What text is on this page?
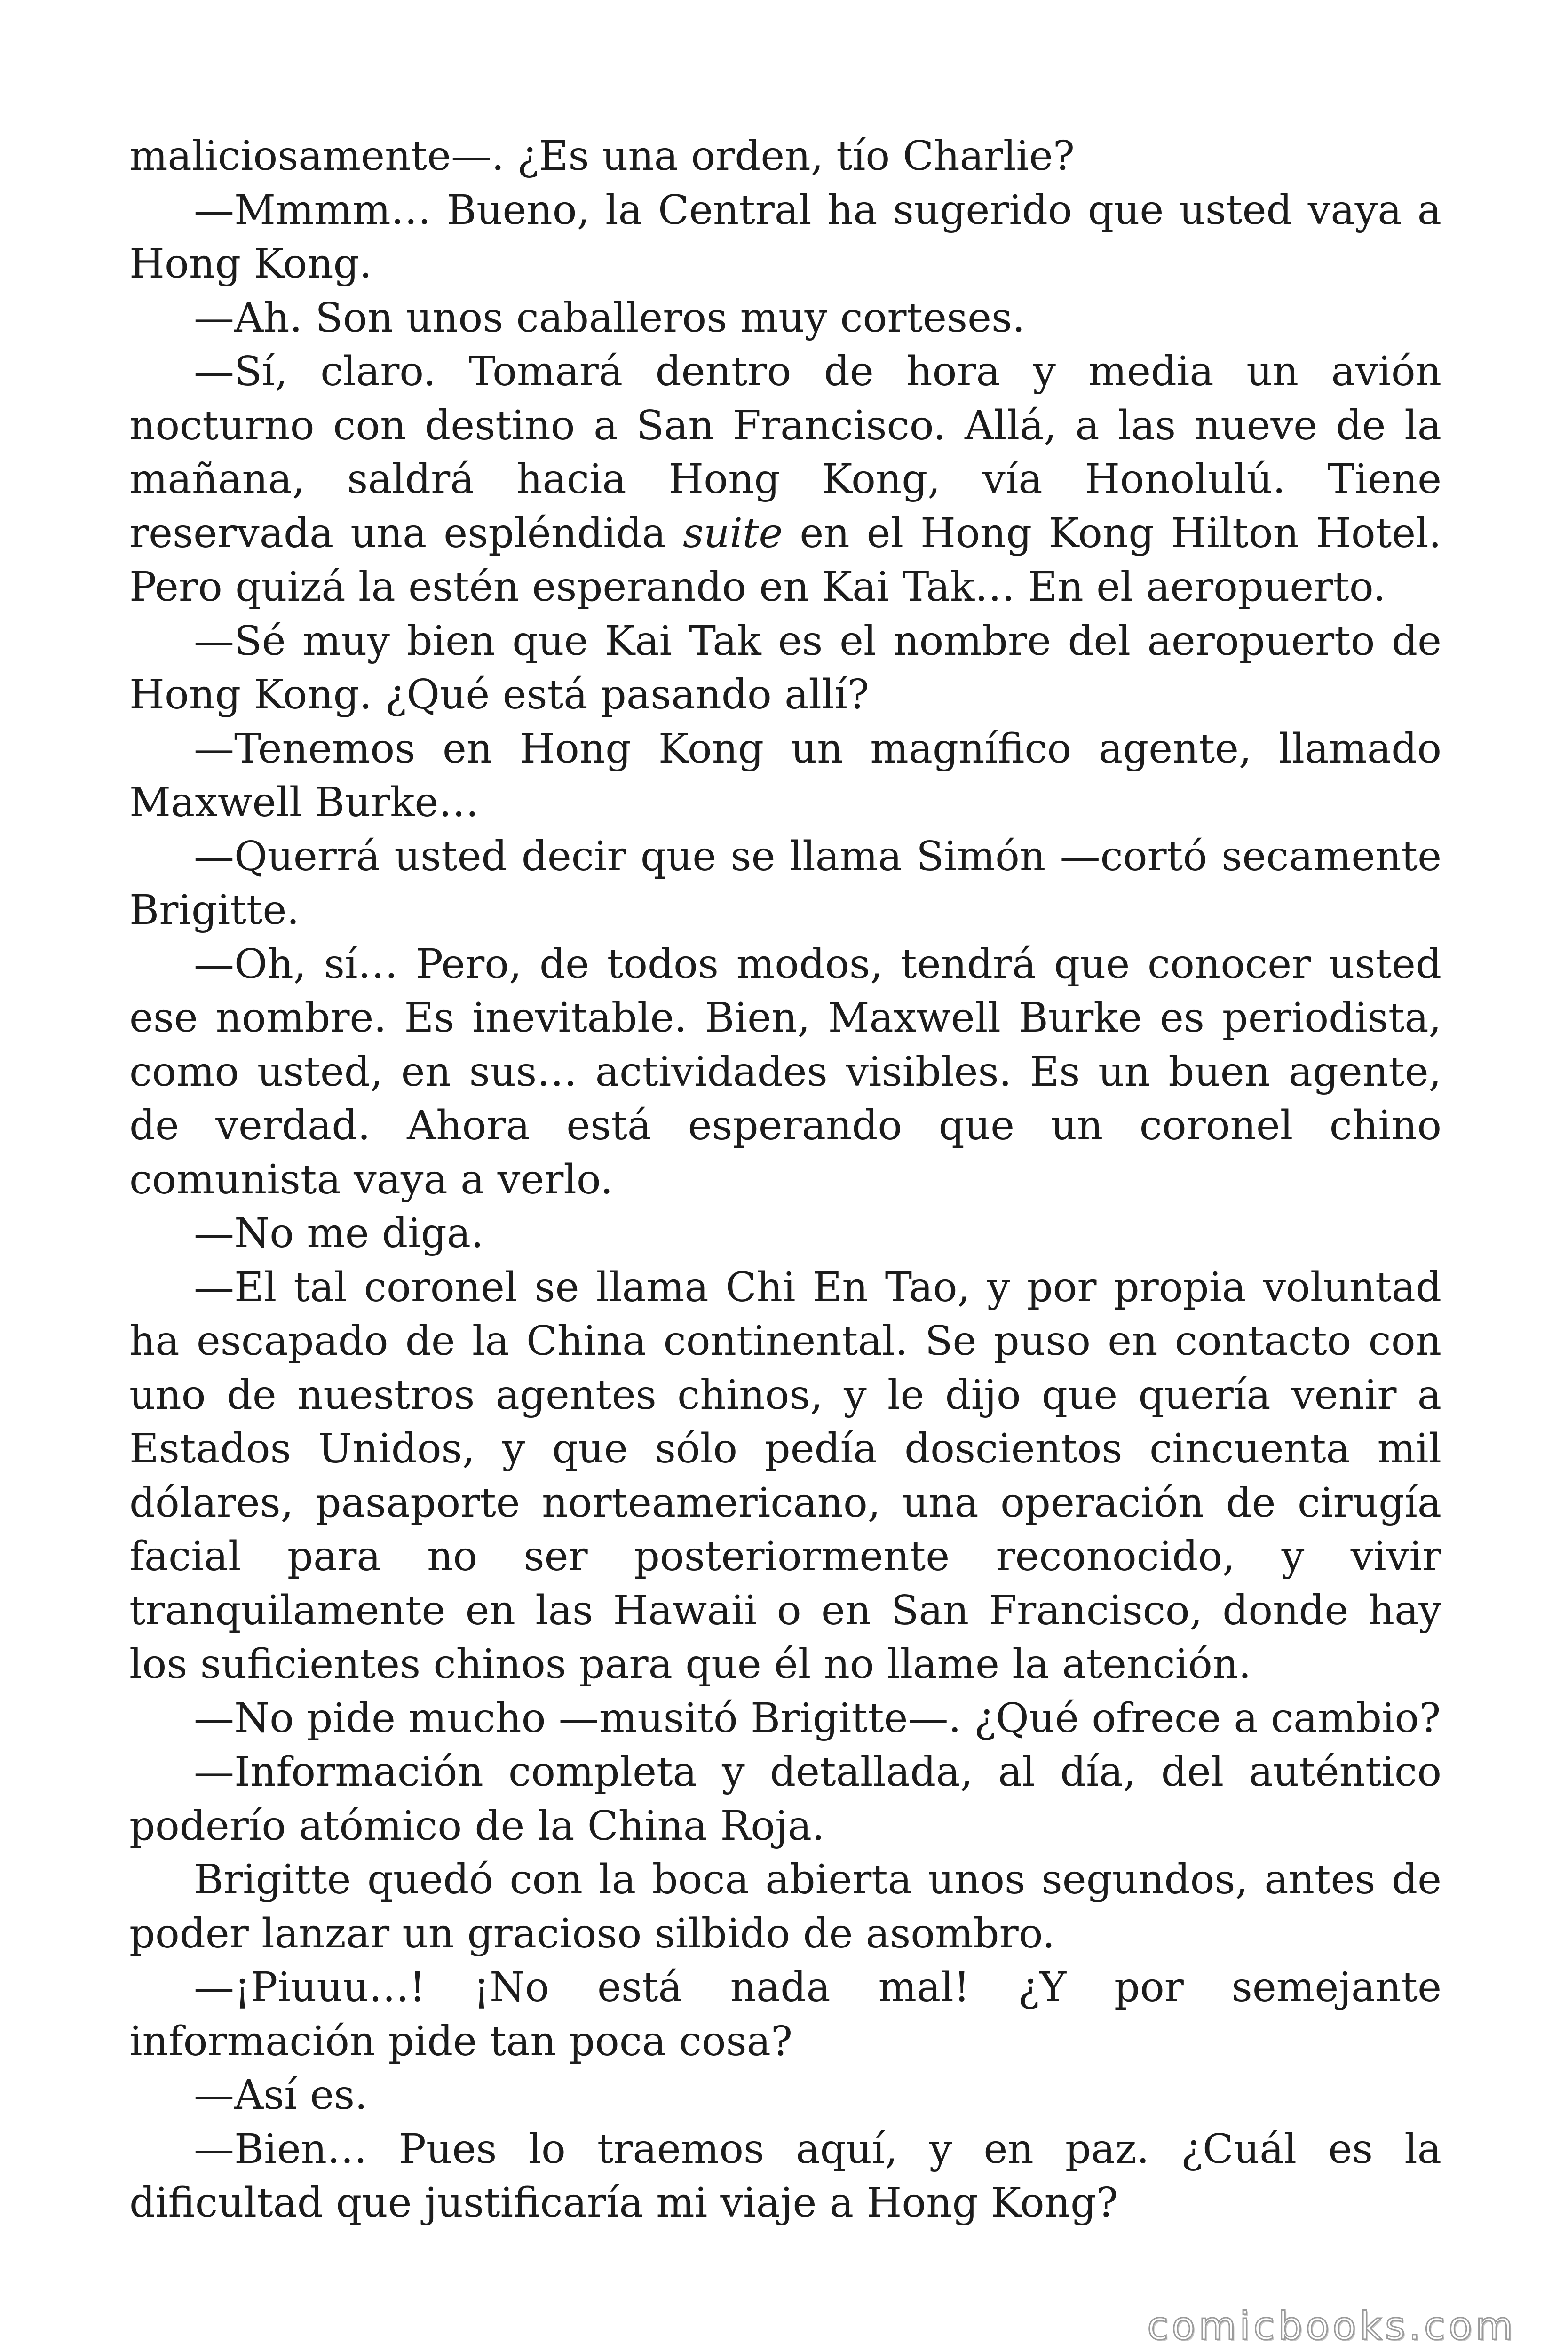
maliciosamente—. ¿Es una orden, tío Charlie?

—Mmmm… Bueno, la Central ha sugerido que usted vaya a Hong Kong.

—Ah. Son unos caballeros muy corteses.

—Sí, claro. Tomará dentro de hora y media un avión nocturno con destino a San Francisco. Allá, a las nueve de la mañana, saldrá hacia Hong Kong, vía Honolulú. Tiene reservada una espléndida suite en el Hong Kong Hilton Hotel. Pero quizá la estén esperando en Kai Tak… En el aeropuerto.

—Sé muy bien que Kai Tak es el nombre del aeropuerto de Hong Kong. ¿Qué está pasando allí?

—Tenemos en Hong Kong un magnífico agente, llamado Maxwell Burke…

—Querrá usted decir que se llama Simón —cortó secamente Brigitte.

—Oh, sí… Pero, de todos modos, tendrá que conocer usted ese nombre. Es inevitable. Bien, Maxwell Burke es periodista, como usted, en sus… actividades visibles. Es un buen agente, de verdad. Ahora está esperando que un coronel chino comunista vaya a verlo.

—No me diga.

—El tal coronel se llama Chi En Tao, y por propia voluntad ha escapado de la China continental. Se puso en contacto con uno de nuestros agentes chinos, y le dijo que quería venir a Estados Unidos, y que sólo pedía doscientos cincuenta mil dólares, pasaporte norteamericano, una operación de cirugía facial para no ser posteriormente reconocido, y vivir tranquilamente en las Hawaii o en San Francisco, donde hay los suficientes chinos para que él no llame la atención.

—No pide mucho —musitó Brigitte—. ¿Qué ofrece a cambio?

—Información completa y detallada, al día, del auténtico poderío atómico de la China Roja.

Brigitte quedó con la boca abierta unos segundos, antes de poder lanzar un gracioso silbido de asombro.

—¡Piuuu…! ¡No está nada mal! ¿Y por semejante información pide tan poca cosa?

—Así es.

—Bien… Pues lo traemos aquí, y en paz. ¿Cuál es la dificultad que justificaría mi viaje a Hong Kong?

comicbooks.com
